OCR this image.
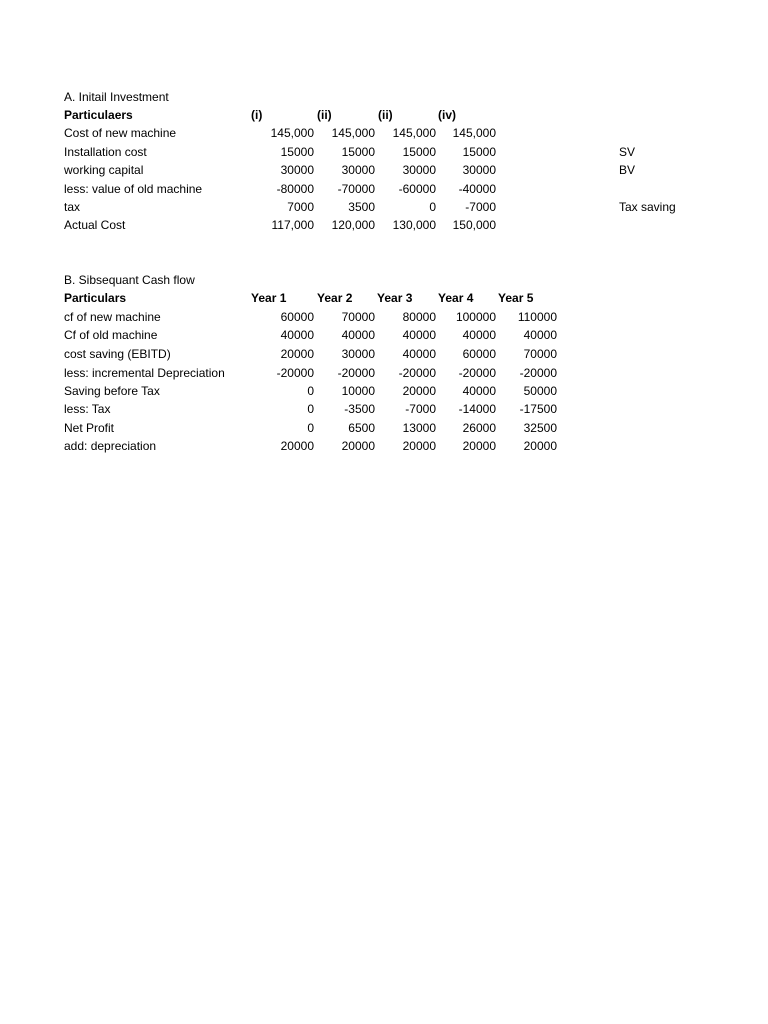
A. Initail Investment
Particulaers	(i)	(ii)	(ii)	(iv)
Cost of new machine	145,000	145,000	145,000	145,000
Installation cost	15000	15000	15000	15000	SV
working capital	30000	30000	30000	30000	BV
less: value of old machine	-80000	-70000	-60000	-40000
tax	7000	3500	0	-7000	Tax saving
Actual Cost	117,000	120,000	130,000	150,000
B. Sibsequant Cash flow
Particulars	Year 1	Year 2 Year 3 Year 4 Year 5
cf of new machine	60000	70000	80000	100000	110000
Cf of old machine	40000	40000	40000	40000	40000
cost saving (EBITD)	20000	30000	40000	60000	70000
less: incremental Depreciation	-20000	-20000	-20000	-20000	-20000
Saving before Tax	0	10000	20000	40000	50000
less: Tax	0	-3500	-7000	-14000	-17500
Net Profit	0	6500	13000	26000	32500
add: depreciation	20000	20000	20000	20000	20000
